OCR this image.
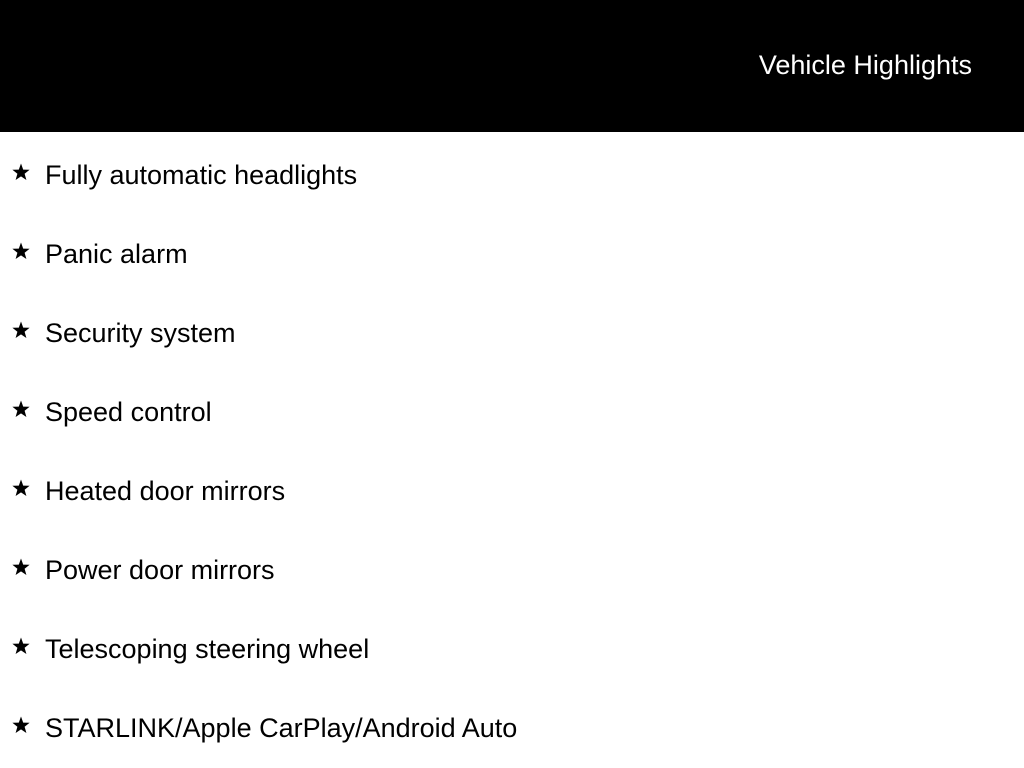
Vehicle Highlights
Fully automatic headlights
Panic alarm
Security system
Speed control
Heated door mirrors
Power door mirrors
Telescoping steering wheel
STARLINK/Apple CarPlay/Android Auto
